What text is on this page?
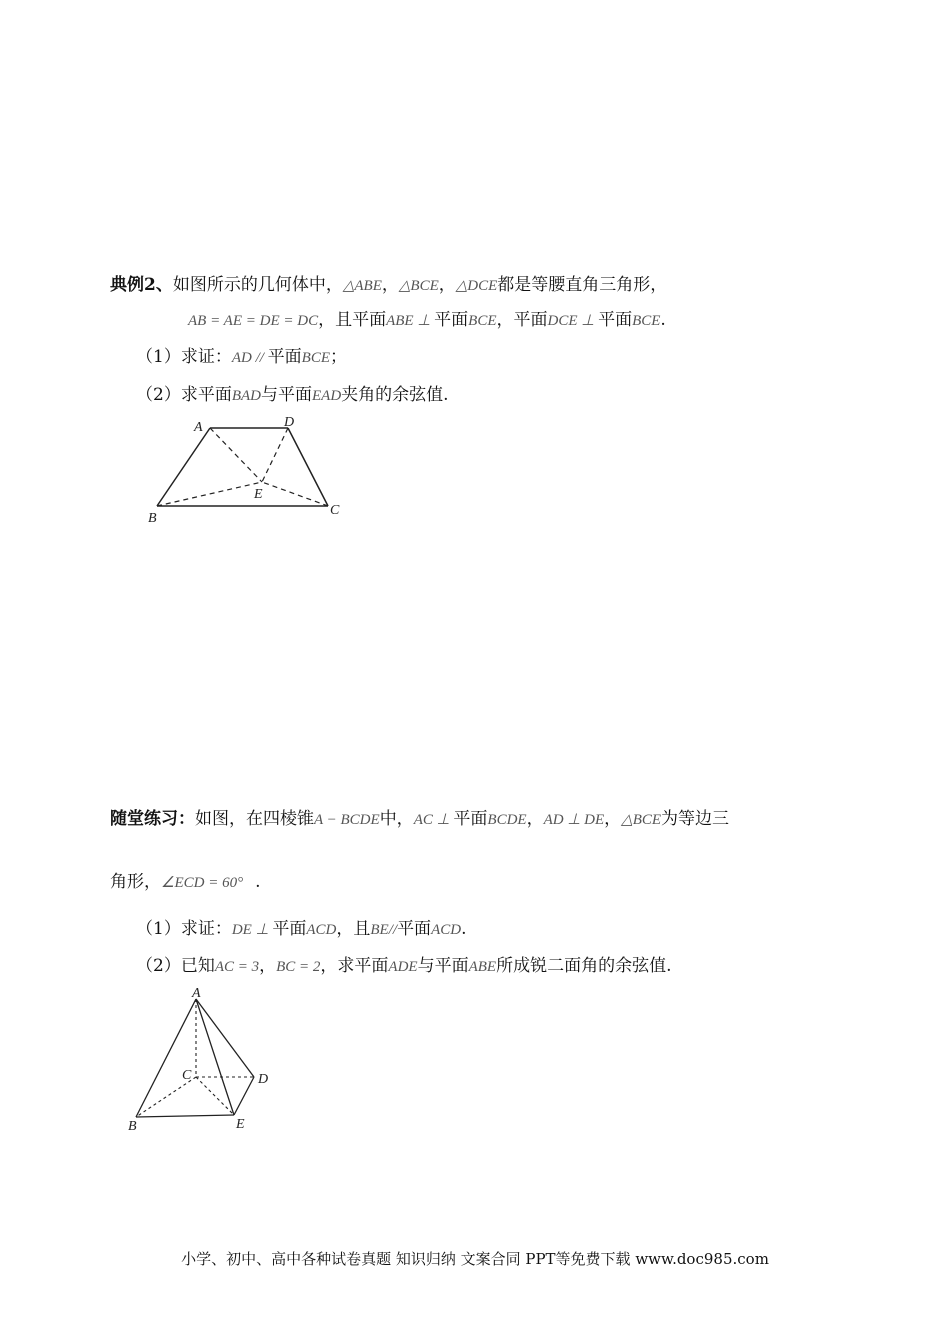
典例2、如图所示的几何体中，△ABE，△BCE，△DCE都是等腰直角三角形，
AB = AE = DE = DC，且平面ABE ⊥ 平面BCE，平面DCE ⊥ 平面BCE.
（1）求证：AD // 平面BCE；
（2）求平面BAD与平面EAD夹角的余弦值.
A	D
E
B
C
随堂练习：如图，在四棱锥A − BCDE中，AC ⊥ 平面BCDE，AD ⊥ DE，△BCE为等边三
角形，∠ECD = 60° .
（1）求证：DE ⊥ 平面ACD，且BE//平面ACD.
（2）已知AC = 3，BC = 2，求平面ADE与平面ABE所成锐二面角的余弦值.
A
C	D
B	E
小学、初中、高中各种试卷真题 知识归纳 文案合同 PPT等免费下载 www.doc985.com
